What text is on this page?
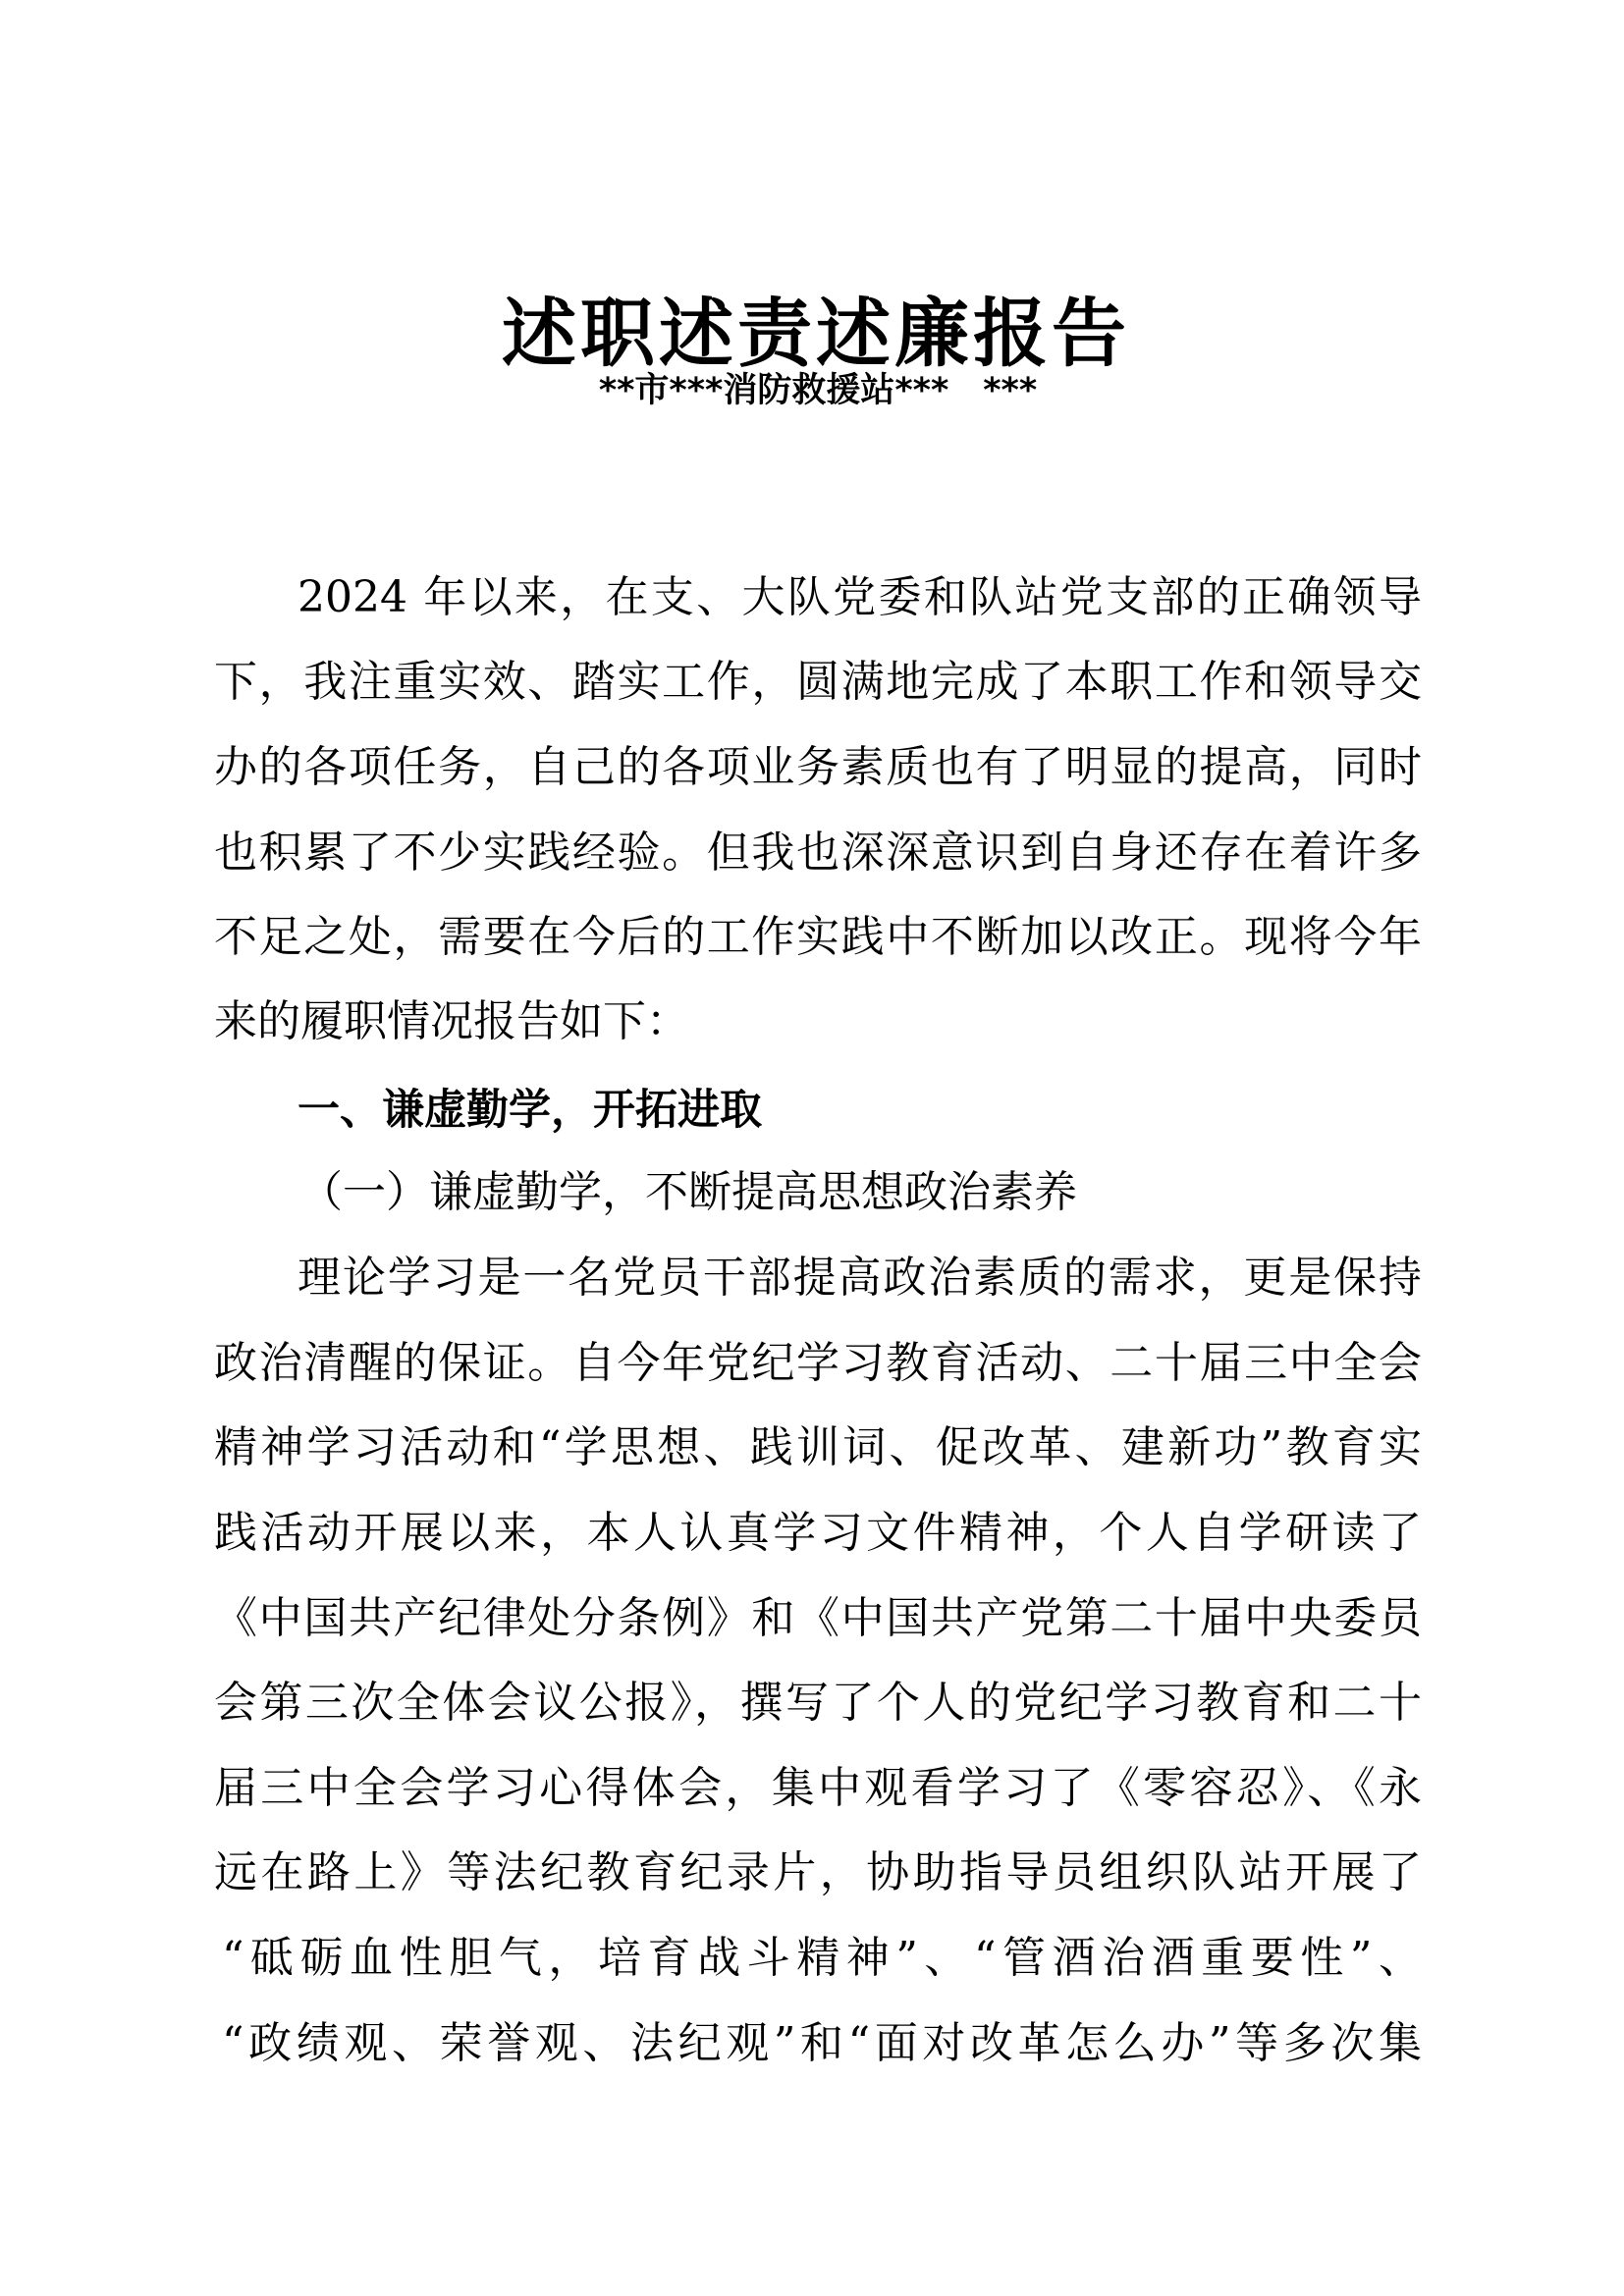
述职述责述廉报告
**市***消防救援站***　***
2024 年以来，在支、大队党委和队站党支部的正确领导
下，我注重实效、踏实工作，圆满地完成了本职工作和领导交
办的各项任务，自己的各项业务素质也有了明显的提高，同时
也积累了不少实践经验。但我也深深意识到自身还存在着许多
不足之处，需要在今后的工作实践中不断加以改正。现将今年
来的履职情况报告如下：
一、谦虚勤学，开拓进取
（一）谦虚勤学，不断提高思想政治素养
理论学习是一名党员干部提高政治素质的需求，更是保持
政治清醒的保证。自今年党纪学习教育活动、二十届三中全会
精神学习活动和“学思想、践训词、促改革、建新功”教育实
践活动开展以来，本人认真学习文件精神，个人自学研读了
《中国共产纪律处分条例》和《中国共产党第二十届中央委员
会第三次全体会议公报》，撰写了个人的党纪学习教育和二十
届三中全会学习心得体会，集中观看学习了《零容忍》、《永
远在路上》等法纪教育纪录片，协助指导员组织队站开展了
“砥砺血性胆气，培育战斗精神”、“管酒治酒重要性”、
“政绩观、荣誉观、法纪观”和“面对改革怎么办”等多次集
